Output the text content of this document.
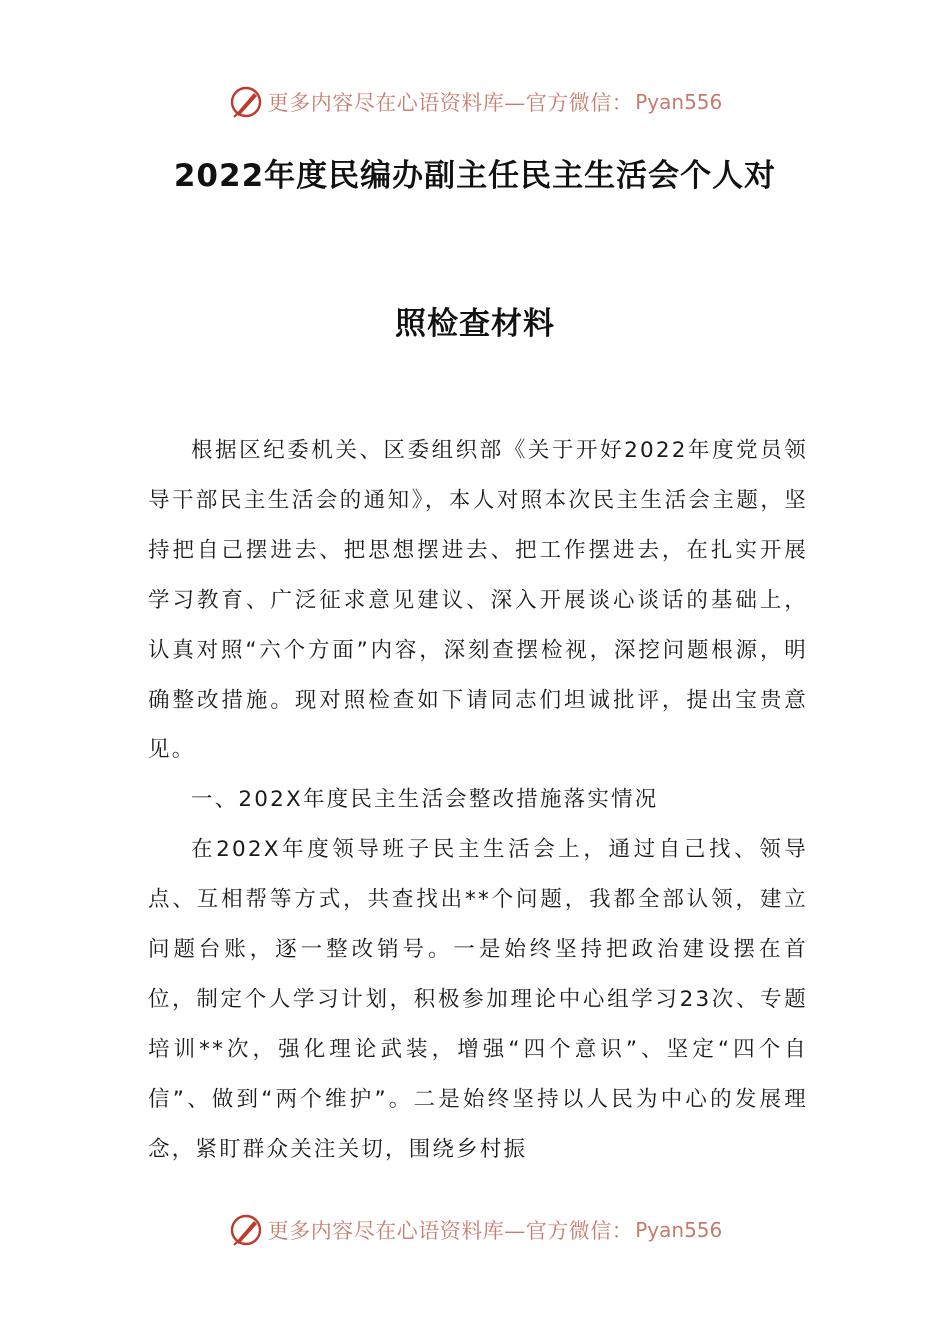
更多内容尽在心语资料库—官方微信： Pyan556
2022年度民编办副主任民主生活会个人对
照检查材料

根据区纪委机关、区委组织部《关于开好2022年度党员领导干部民主生活会的通知》，本人对照本次民主生活会主题，坚持把自己摆进去、把思想摆进去、把工作摆进去，在扎实开展学习教育、广泛征求意见建议、深入开展谈心谈话的基础上，认真对照“六个方面”内容，深刻查摆检视，深挖问题根源，明确整改措施。现对照检查如下请同志们坦诚批评，提出宝贵意见。

一、202X年度民主生活会整改措施落实情况

在202X年度领导班子民主生活会上，通过自己找、领导点、互相帮等方式，共查找出**个问题，我都全部认领，建立问题台账，逐一整改销号。一是始终坚持把政治建设摆在首位，制定个人学习计划，积极参加理论中心组学习23次、专题培训**次，强化理论武装，增强“四个意识”、坚定“四个自信”、做到“两个维护”。二是始终坚持以人民为中心的发展理念，紧盯群众关注关切，围绕乡村振

更多内容尽在心语资料库—官方微信： Pyan556
